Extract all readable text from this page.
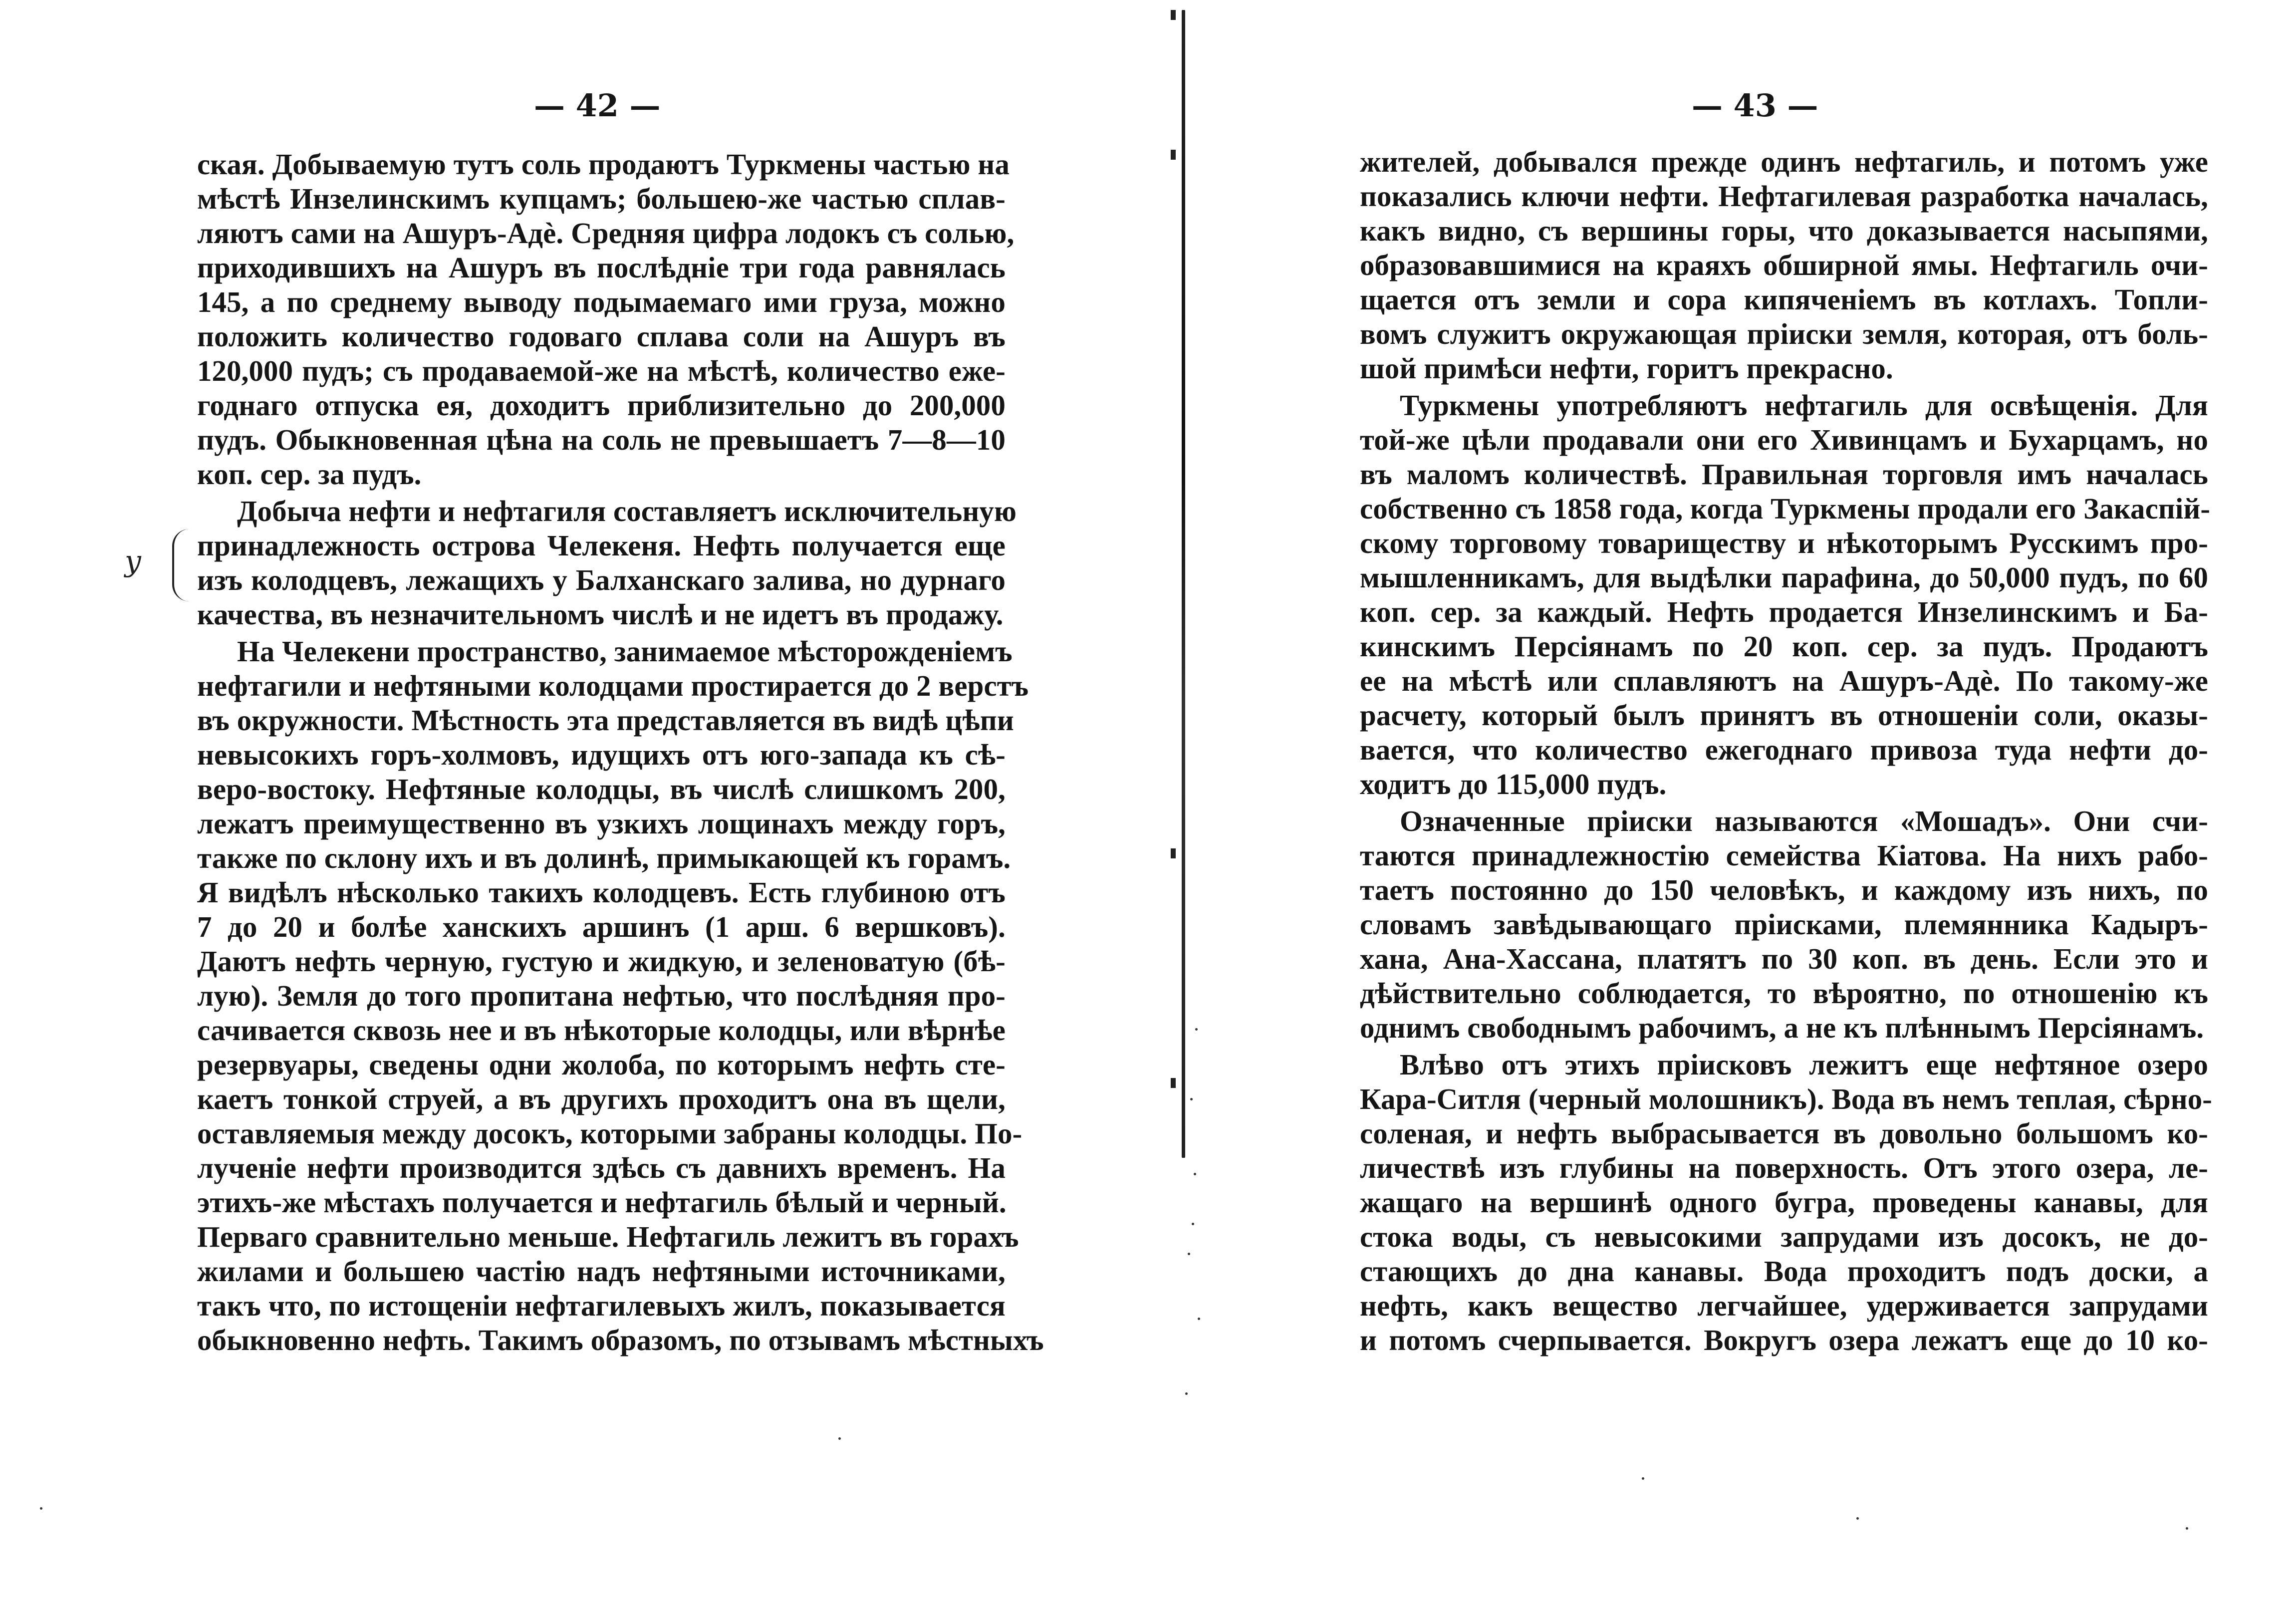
— 42 —
y
ская. Добываемую тутъ соль продаютъ Туркмены частью на
мѣстѣ Инзелинскимъ купцамъ; большею-же частью сплав-
ляютъ сами на Ашуръ-Адѐ. Средняя цифра лодокъ съ солью,
приходившихъ на Ашуръ въ послѣдніе три года равнялась
145, а по среднему выводу подымаемаго ими груза, можно
положить количество годоваго сплава соли на Ашуръ въ
120,000 пудъ; съ продаваемой-же на мѣстѣ, количество еже-
годнаго отпуска ея, доходитъ приблизительно до 200,000
пудъ. Обыкновенная цѣна на соль не превышаетъ 7—8—10
коп. сер. за пудъ.
Добыча нефти и нефтагиля составляетъ исключительную
принадлежность острова Челекеня. Нефть получается еще
изъ колодцевъ, лежащихъ у Балханскаго залива, но дурнаго
качества, въ незначительномъ числѣ и не идетъ въ продажу.
На Челекени пространство, занимаемое мѣсторожденіемъ
нефтагили и нефтяными колодцами простирается до 2 верстъ
въ окружности. Мѣстность эта представляется въ видѣ цѣпи
невысокихъ горъ-холмовъ, идущихъ отъ юго-запада къ сѣ-
веро-востоку. Нефтяные колодцы, въ числѣ слишкомъ 200,
лежатъ преимущественно въ узкихъ лощинахъ между горъ,
также по склону ихъ и въ долинѣ, примыкающей къ горамъ.
Я видѣлъ нѣсколько такихъ колодцевъ. Есть глубиною отъ
7 до 20 и болѣе ханскихъ аршинъ (1 арш. 6 вершковъ).
Даютъ нефть черную, густую и жидкую, и зеленоватую (бѣ-
лую). Земля до того пропитана нефтью, что послѣдняя про-
сачивается сквозь нее и въ нѣкоторые колодцы, или вѣрнѣе
резервуары, сведены одни жолоба, по которымъ нефть сте-
каетъ тонкой струей, а въ другихъ проходитъ она въ щели,
оставляемыя между досокъ, которыми забраны колодцы. По-
лученіе нефти производится здѣсь съ давнихъ временъ. На
этихъ-же мѣстахъ получается и нефтагиль бѣлый и черный.
Перваго сравнительно меньше. Нефтагиль лежитъ въ горахъ
жилами и большею частію надъ нефтяными источниками,
такъ что, по истощеніи нефтагилевыхъ жилъ, показывается
обыкновенно нефть. Такимъ образомъ, по отзывамъ мѣстныхъ
— 43 —
жителей, добывался прежде одинъ нефтагиль, и потомъ уже
показались ключи нефти. Нефтагилевая разработка началась,
какъ видно, съ вершины горы, что доказывается насыпями,
образовавшимися на краяхъ обширной ямы. Нефтагиль очи-
щается отъ земли и сора кипяченіемъ въ котлахъ. Топли-
вомъ служитъ окружающая пріиски земля, которая, отъ боль-
шой примѣси нефти, горитъ прекрасно.
Туркмены употребляютъ нефтагиль для освѣщенія. Для
той-же цѣли продавали они его Хивинцамъ и Бухарцамъ, но
въ маломъ количествѣ. Правильная торговля имъ началась
собственно съ 1858 года, когда Туркмены продали его Закаспій-
скому торговому товариществу и нѣкоторымъ Русскимъ про-
мышленникамъ, для выдѣлки парафина, до 50,000 пудъ, по 60
коп. сер. за каждый. Нефть продается Инзелинскимъ и Ба-
кинскимъ Персіянамъ по 20 коп. сер. за пудъ. Продаютъ
ее на мѣстѣ или сплавляютъ на Ашуръ-Адѐ. По такому-же
расчету, который былъ принятъ въ отношеніи соли, оказы-
вается, что количество ежегоднаго привоза туда нефти до-
ходитъ до 115,000 пудъ.
Означенные пріиски называются «Мошадъ». Они счи-
таются принадлежностію семейства Кіатова. На нихъ рабо-
таетъ постоянно до 150 человѣкъ, и каждому изъ нихъ, по
словамъ завѣдывающаго пріисками, племянника Кадыръ-
хана, Ана-Хассана, платятъ по 30 коп. въ день. Если это и
дѣйствительно соблюдается, то вѣроятно, по отношенію къ
однимъ свободнымъ рабочимъ, а не къ плѣннымъ Персіянамъ.
Влѣво отъ этихъ пріисковъ лежитъ еще нефтяное озеро
Кара-Ситля (черный молошникъ). Вода въ немъ теплая, сѣрно-
соленая, и нефть выбрасывается въ довольно большомъ ко-
личествѣ изъ глубины на поверхность. Отъ этого озера, ле-
жащаго на вершинѣ одного бугра, проведены канавы, для
стока воды, съ невысокими запрудами изъ досокъ, не до-
стающихъ до дна канавы. Вода проходитъ подъ доски, а
нефть, какъ вещество легчайшее, удерживается запрудами
и потомъ счерпывается. Вокругъ озера лежатъ еще до 10 ко-
